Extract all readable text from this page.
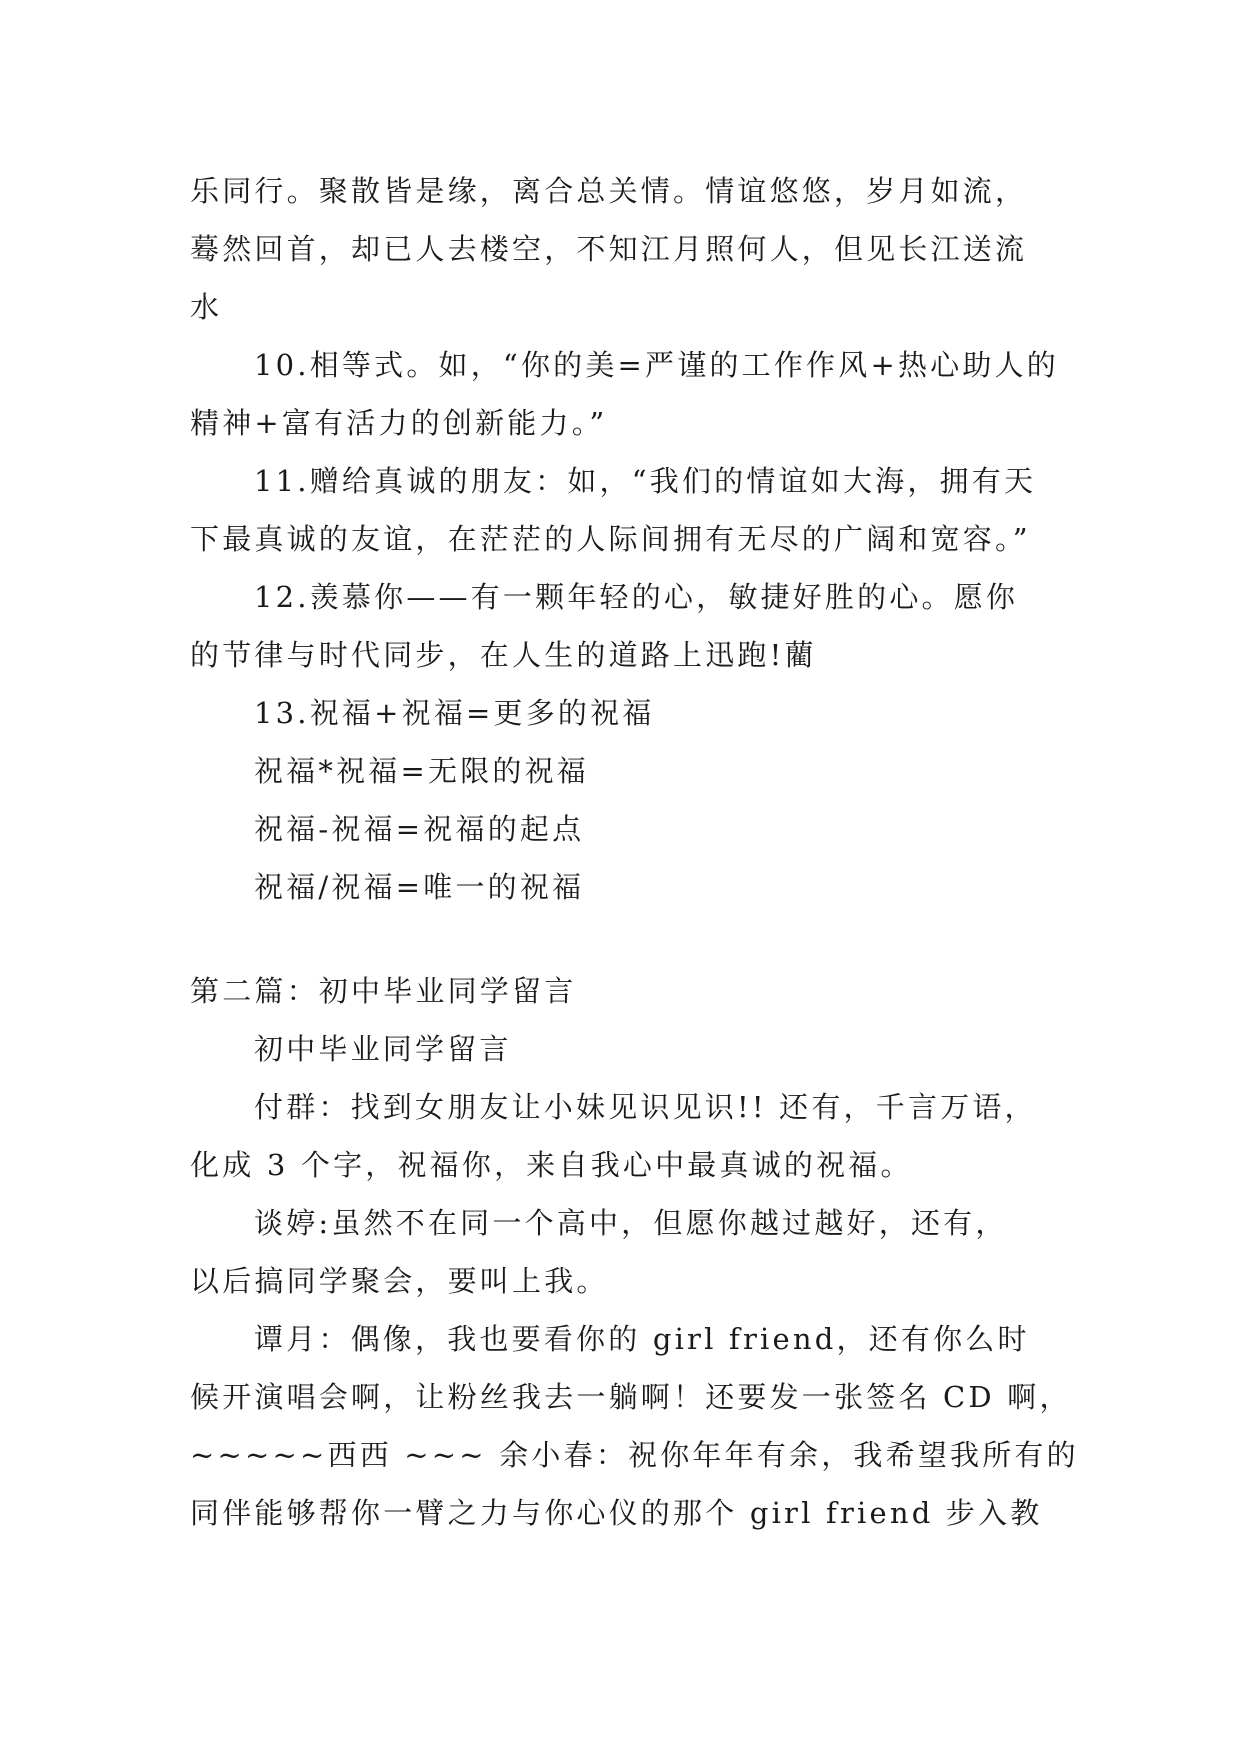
乐同行。聚散皆是缘，离合总关情。情谊悠悠，岁月如流，
蓦然回首，却已人去楼空，不知江月照何人，但见长江送流
水
10.相等式。如，“你的美=严谨的工作作风+热心助人的
精神+富有活力的创新能力。”
11.赠给真诚的朋友：如，“我们的情谊如大海，拥有天
下最真诚的友谊，在茫茫的人际间拥有无尽的广阔和宽容。”
12.羡慕你——有一颗年轻的心，敏捷好胜的心。愿你
的节律与时代同步，在人生的道路上迅跑!藺
13.祝福+祝福=更多的祝福
祝福*祝福=无限的祝福
祝福-祝福=祝福的起点
祝福/祝福=唯一的祝福
第二篇：初中毕业同学留言
初中毕业同学留言
付群：找到女朋友让小妹见识见识!! 还有，千言万语，
化成 3 个字，祝福你，来自我心中最真诚的祝福。
谈婷:虽然不在同一个高中，但愿你越过越好，还有，
以后搞同学聚会，要叫上我。
谭月：偶像，我也要看你的 girl friend，还有你么时
候开演唱会啊，让粉丝我去一躺啊！还要发一张签名 CD 啊，
~~~~~西西 ~~~ 余小春：祝你年年有余，我希望我所有的
同伴能够帮你一臂之力与你心仪的那个 girl friend 步入教
